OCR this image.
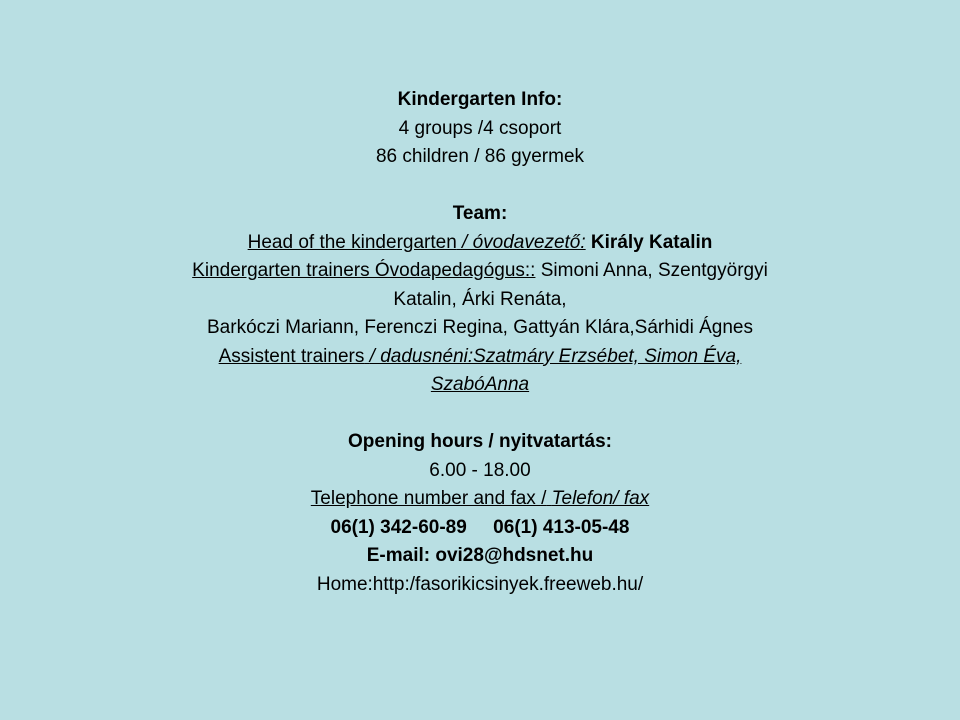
Kindergarten Info:
4 groups /4 csoport
86 children / 86 gyermek
Team:
Head of the kindergarten / óvodavezető: Király Katalin
Kindergarten trainers Óvodapedagógus:: Simoni Anna, Szentgyörgyi
Katalin, Árki Renáta,
Barkóczi Mariann, Ferenczi Regina, Gattyán Klára,Sárhidi Ágnes
Assistent trainers / dadusnéni:Szatmáry Erzsébet, Simon Éva,
SzabóAnna
Opening hours / nyitvatartás:
6.00 - 18.00
Telephone number and fax / Telefon/ fax
06(1) 342-60-89     06(1) 413-05-48
E-mail: ovi28@hdsnet.hu
Home:http:/fasorikicsinyek.freeweb.hu/
